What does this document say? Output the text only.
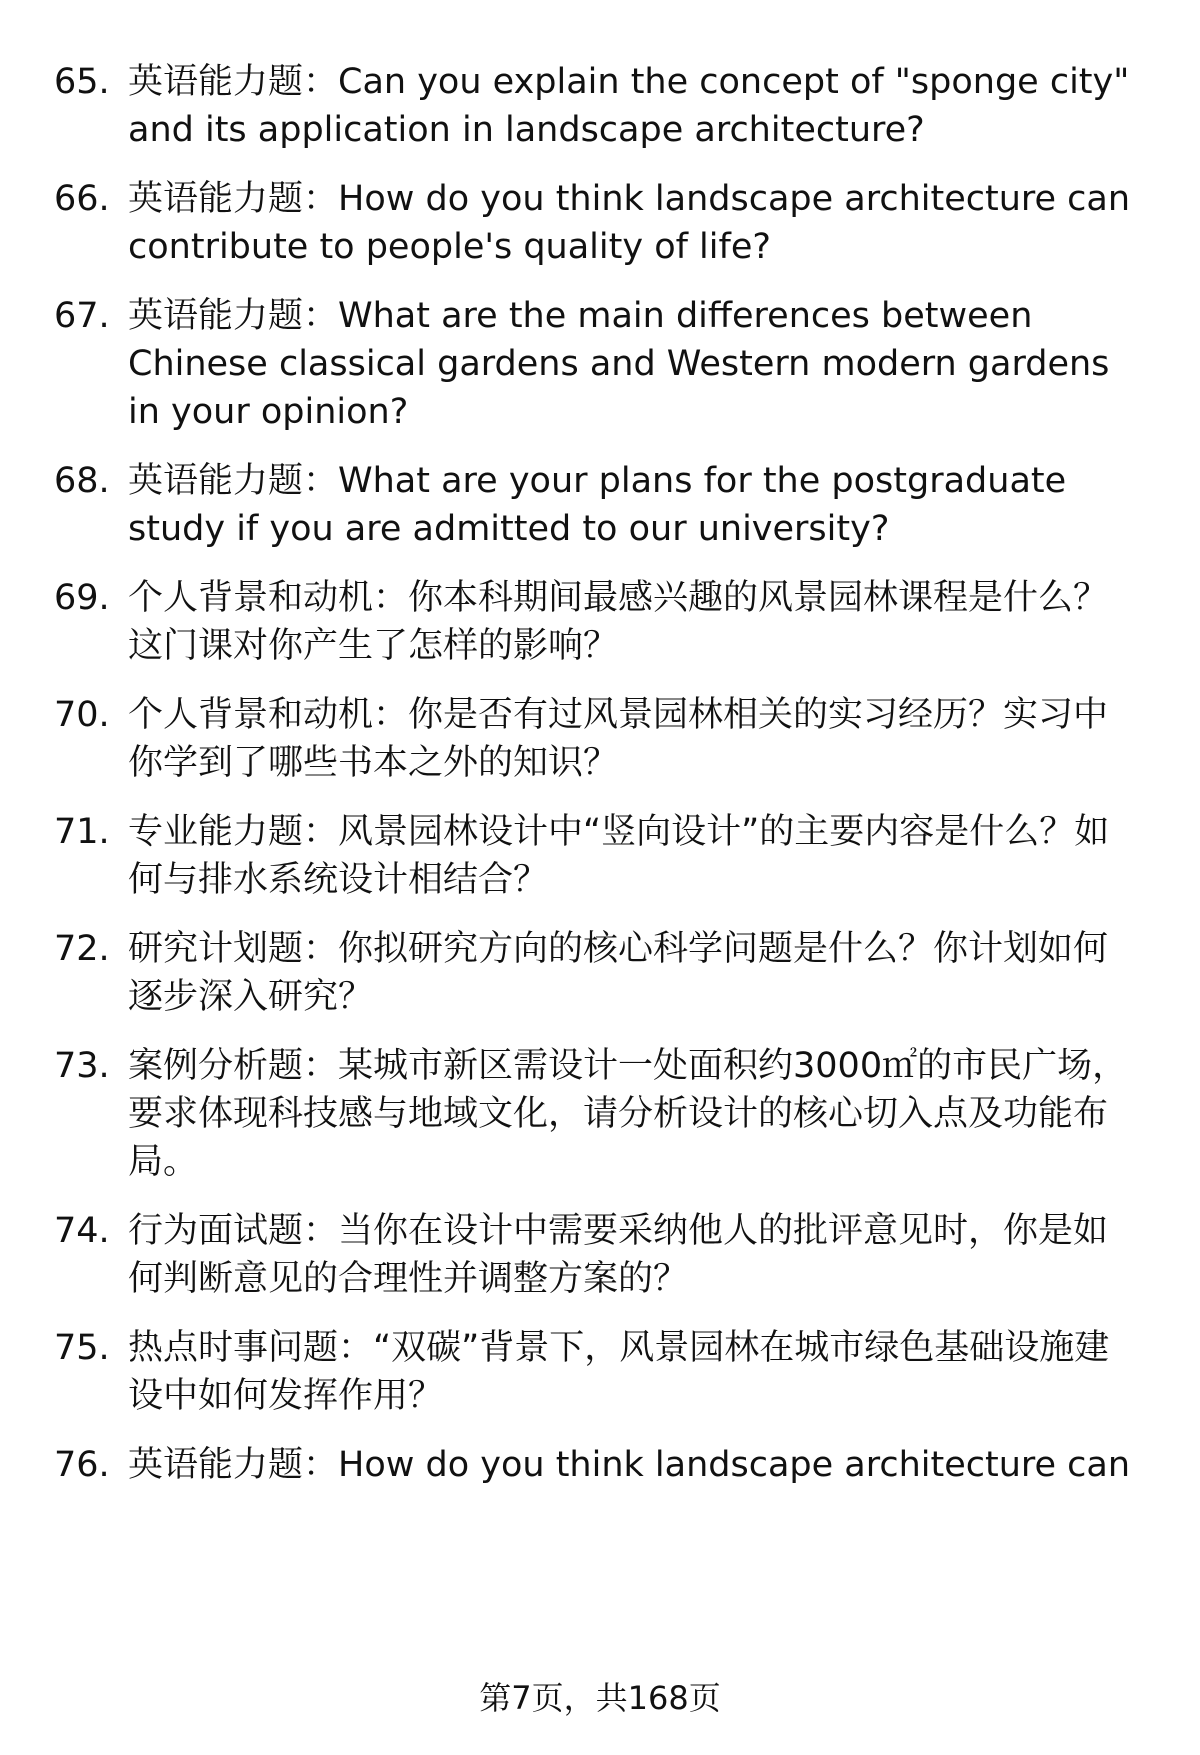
65. 英语能力题：Can you explain the concept of "sponge city" and its application in landscape architecture?
66. 英语能力题：How do you think landscape architecture can contribute to people's quality of life?
67. 英语能力题：What are the main differences between Chinese classical gardens and Western modern gardens in your opinion?
68. 英语能力题：What are your plans for the postgraduate study if you are admitted to our university?
69. 个人背景和动机：你本科期间最感兴趣的风景园林课程是什么？这门课对你产生了怎样的影响？
70. 个人背景和动机：你是否有过风景园林相关的实习经历？实习中你学到了哪些书本之外的知识？
71. 专业能力题：风景园林设计中“竖向设计”的主要内容是什么？如何与排水系统设计相结合？
72. 研究计划题：你拟研究方向的核心科学问题是什么？你计划如何逐步深入研究？
73. 案例分析题：某城市新区需设计一处面积约3000㎡的市民广场，要求体现科技感与地域文化，请分析设计的核心切入点及功能布局。
74. 行为面试题：当你在设计中需要采纳他人的批评意见时，你是如何判断意见的合理性并调整方案的？
75. 热点时事问题：“双碳”背景下，风景园林在城市绿色基础设施建设中如何发挥作用？
76. 英语能力题：How do you think landscape architecture can
第7页，共168页
